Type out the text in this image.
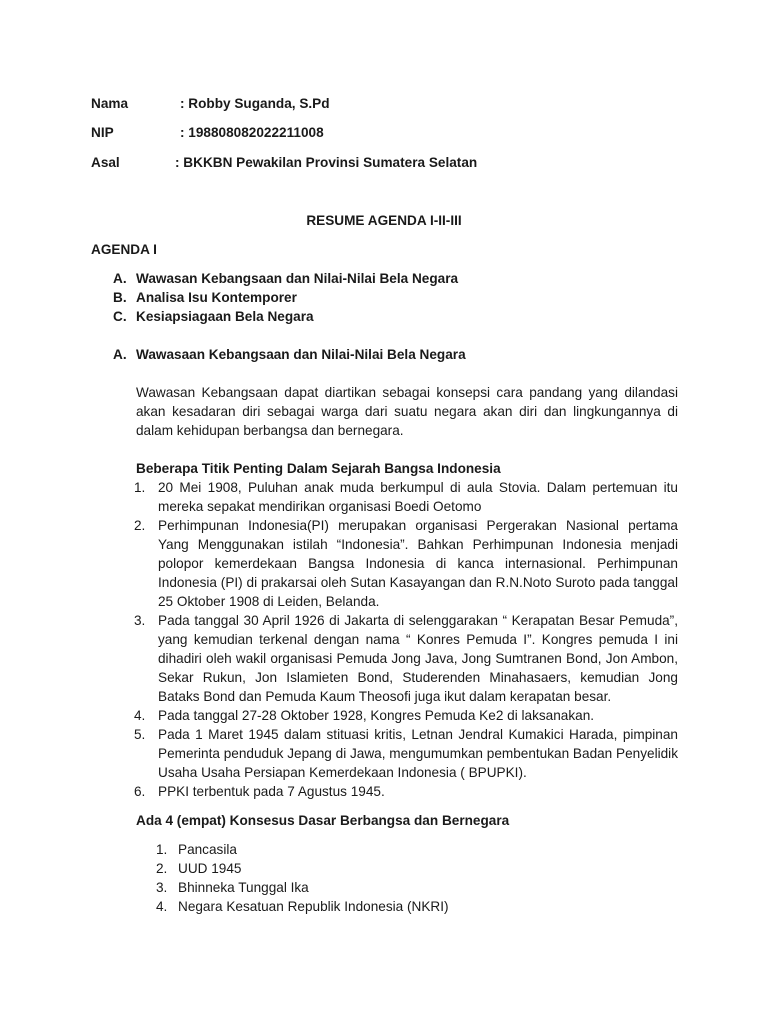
Nama	: Robby Suganda, S.Pd
NIP	: 198808082022211008
Asal	: BKKBN Pewakilan Provinsi Sumatera Selatan
RESUME AGENDA I-II-III
AGENDA I
A. Wawasan Kebangsaan dan Nilai-Nilai Bela Negara
B. Analisa Isu Kontemporer
C. Kesiapsiagaan Bela Negara
A. Wawasaan Kebangsaan dan Nilai-Nilai Bela Negara
Wawasan Kebangsaan dapat diartikan sebagai konsepsi cara pandang yang dilandasi akan kesadaran diri sebagai warga dari suatu negara akan diri dan lingkungannya di dalam kehidupan berbangsa dan bernegara.
Beberapa Titik Penting Dalam Sejarah Bangsa Indonesia
1. 20 Mei 1908, Puluhan anak muda berkumpul di aula Stovia. Dalam pertemuan itu mereka sepakat mendirikan organisasi Boedi Oetomo
2. Perhimpunan Indonesia(PI) merupakan organisasi Pergerakan Nasional pertama Yang Menggunakan istilah “Indonesia”. Bahkan Perhimpunan Indonesia menjadi polopor kemerdekaan Bangsa Indonesia di kanca internasional. Perhimpunan Indonesia (PI) di prakarsai oleh Sutan Kasayangan dan R.N.Noto Suroto pada tanggal 25 Oktober 1908 di Leiden, Belanda.
3. Pada tanggal 30 April 1926 di Jakarta di selenggarakan “ Kerapatan Besar Pemuda”, yang kemudian terkenal dengan nama “ Konres Pemuda I”. Kongres pemuda I ini dihadiri oleh wakil organisasi Pemuda Jong Java, Jong Sumtranen Bond, Jon Ambon, Sekar Rukun, Jon Islamieten Bond, Studerenden Minahasaers, kemudian Jong Bataks Bond dan Pemuda Kaum Theosofi juga ikut dalam kerapatan besar.
4. Pada tanggal 27-28 Oktober 1928, Kongres Pemuda Ke2 di laksanakan.
5. Pada 1 Maret 1945 dalam stituasi kritis, Letnan Jendral Kumakici Harada, pimpinan Pemerinta penduduk Jepang di Jawa, mengumumkan pembentukan Badan Penyelidik Usaha Usaha Persiapan Kemerdekaan Indonesia ( BPUPKI).
6. PPKI terbentuk pada 7 Agustus 1945.
Ada 4 (empat) Konsesus Dasar Berbangsa dan Bernegara
1. Pancasila
2. UUD 1945
3. Bhinneka Tunggal Ika
4. Negara Kesatuan Republik Indonesia (NKRI)
